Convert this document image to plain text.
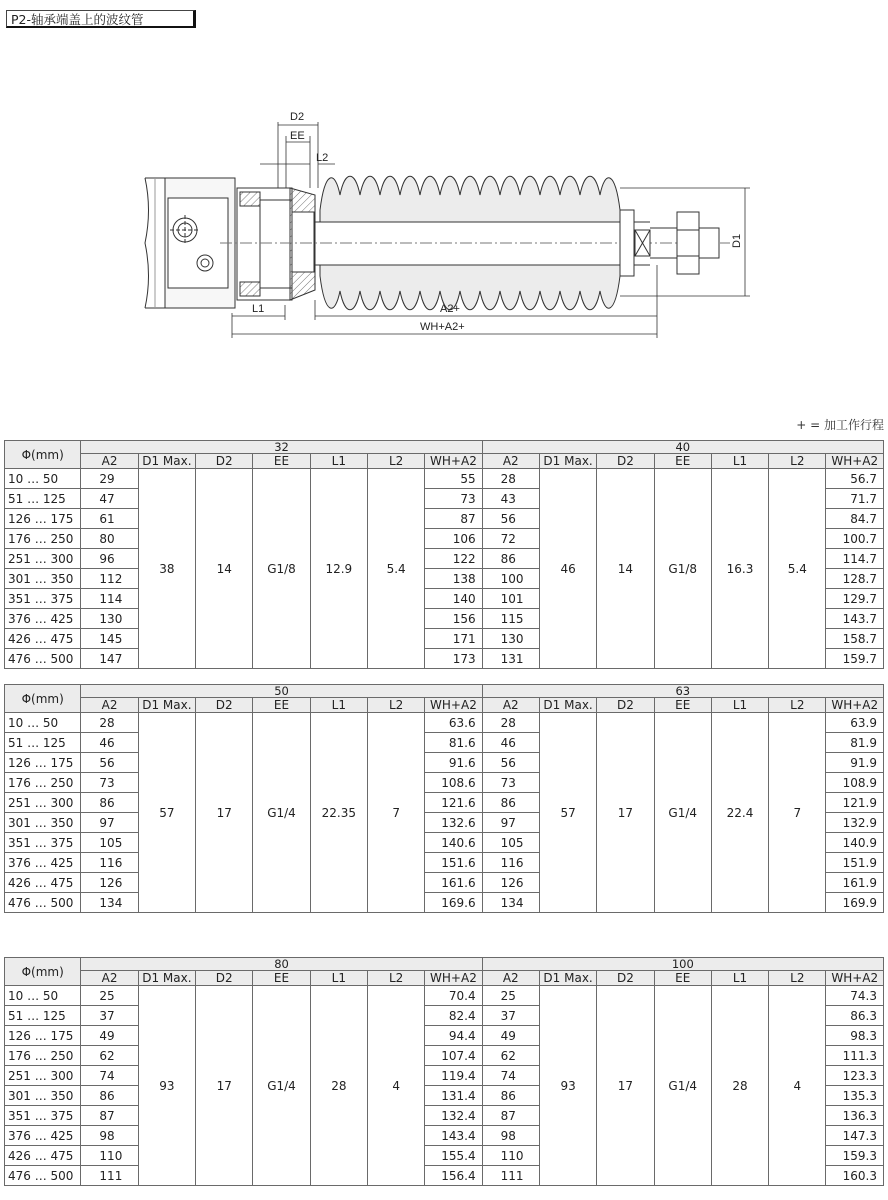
P2-轴承端盖上的波纹管
D2
EE
L2
L1	A2+
WH+A2+
D1
+ = 加工作行程
Φ(mm)	32							40						
	A2	D1 Max.	D2	EE	L1	L2	WH+A2	A2	D1 Max.	D2	EE	L1	L2	WH+A2
10 … 50	29	38	14	G1/8	12.9	5.4	55	28	46	14	G1/8	16.3	5.4	56.7
51 … 125	47						73	43						71.7
126 … 175	61						87	56						84.7
176 … 250	80						106	72						100.7
251 … 300	96						122	86						114.7
301 … 350	112						138	100						128.7
351 … 375	114						140	101						129.7
376 … 425	130						156	115						143.7
426 … 475	145						171	130						158.7
476 … 500	147						173	131						159.7
Φ(mm)	50							63						
	A2	D1 Max.	D2	EE	L1	L2	WH+A2	A2	D1 Max.	D2	EE	L1	L2	WH+A2
10 … 50	28	57	17	G1/4	22.35	7	63.6	28	57	17	G1/4	22.4	7	63.9
51 … 125	46						81.6	46						81.9
126 … 175	56						91.6	56						91.9
176 … 250	73						108.6	73						108.9
251 … 300	86						121.6	86						121.9
301 … 350	97						132.6	97						132.9
351 … 375	105						140.6	105						140.9
376 … 425	116						151.6	116						151.9
426 … 475	126						161.6	126						161.9
476 … 500	134						169.6	134						169.9
Φ(mm)	80							100						
	A2	D1 Max.	D2	EE	L1	L2	WH+A2	A2	D1 Max.	D2	EE	L1	L2	WH+A2
10 … 50	25	93	17	G1/4	28	4	70.4	25	93	17	G1/4	28	4	74.3
51 … 125	37						82.4	37						86.3
126 … 175	49						94.4	49						98.3
176 … 250	62						107.4	62						111.3
251 … 300	74						119.4	74						123.3
301 … 350	86						131.4	86						135.3
351 … 375	87						132.4	87						136.3
376 … 425	98						143.4	98						147.3
426 … 475	110						155.4	110						159.3
476 … 500	111						156.4	111						160.3
